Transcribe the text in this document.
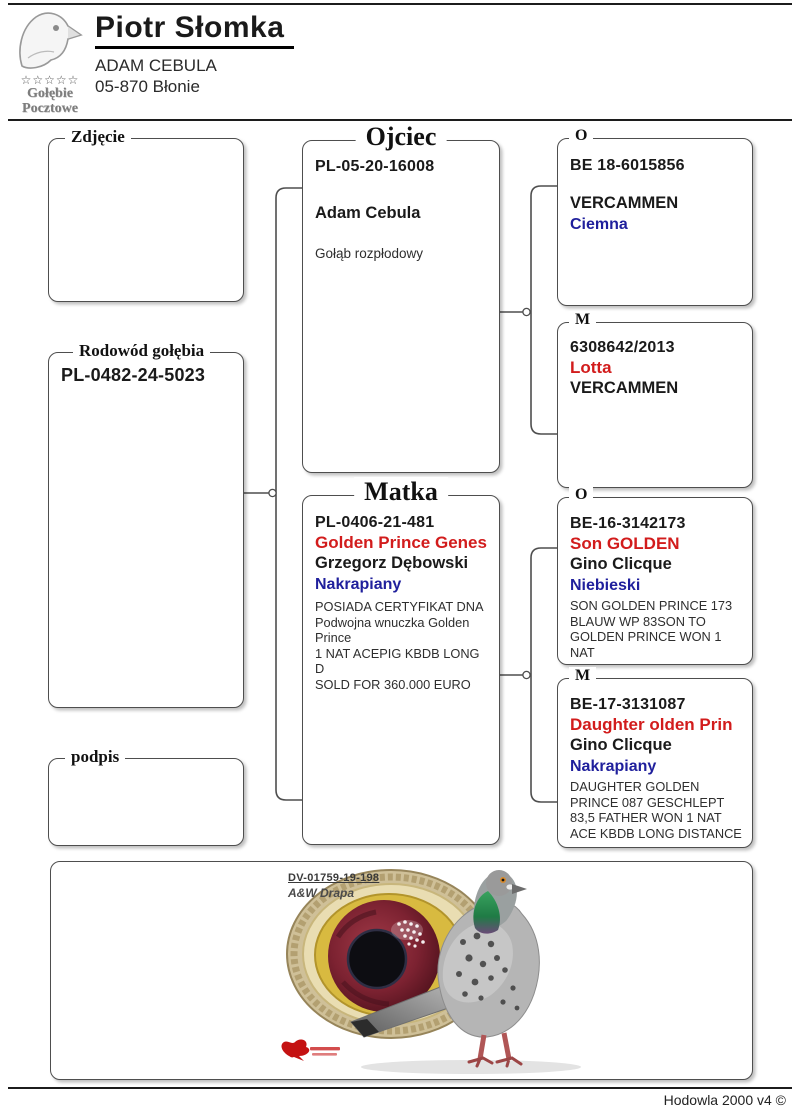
☆☆☆☆☆
Gołębie
Pocztowe
Piotr Słomka
ADAM CEBULA
05-870 Błonie
Zdjęcie
Rodowód gołębia
PL-0482-24-5023
podpis
Ojciec
PL-05-20-16008
Adam Cebula
Gołąb rozpłodowy
Matka
PL-0406-21-481
Golden Prince Genes
Grzegorz Dębowski
Nakrapiany
POSIADA CERTYFIKAT DNA
Podwojna wnuczka Golden
Prince
1 NAT ACEPIG KBDB LONG D
SOLD FOR 360.000 EURO
O
BE 18-6015856
VERCAMMEN
Ciemna
M
6308642/2013
Lotta
VERCAMMEN
O
BE-16-3142173
Son GOLDEN
Gino Clicque
Niebieski
SON GOLDEN PRINCE 173
BLAUW WP 83SON TO
GOLDEN PRINCE WON 1
NAT
M
BE-17-3131087
Daughter olden Prin
Gino Clicque
Nakrapiany
DAUGHTER GOLDEN
PRINCE 087 GESCHLEPT
83,5 FATHER WON 1 NAT
ACE KBDB LONG DISTANCE
DV-01759-19-198
A&W Drapa
Hodowla 2000 v4 ©
